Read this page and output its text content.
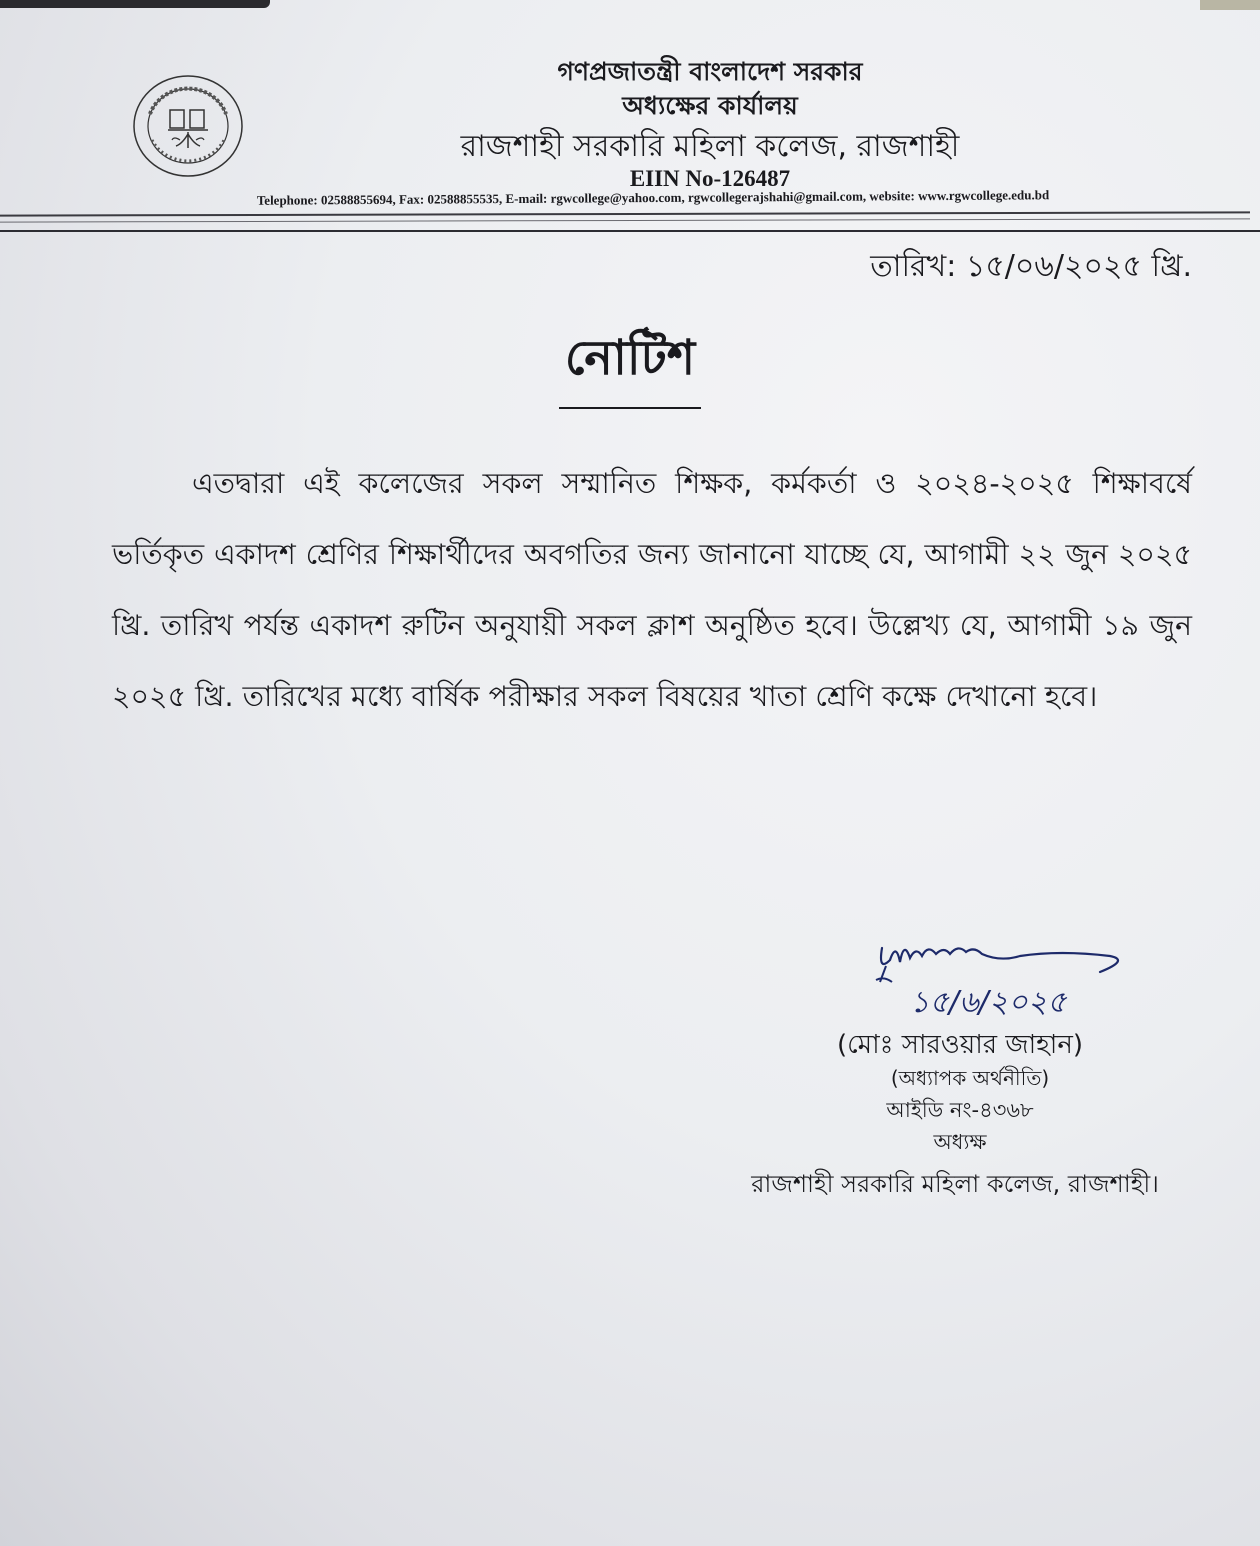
গণপ্রজাতন্ত্রী বাংলাদেশ সরকার
অধ্যক্ষের কার্যালয়
রাজশাহী সরকারি মহিলা কলেজ, রাজশাহী
EIIN No-126487
Telephone: 02588855694, Fax: 02588855535, E-mail: rgwcollege@yahoo.com, rgwcollegerajshahi@gmail.com, website: www.rgwcollege.edu.bd
তারিখ: ১৫/০৬/২০২৫ খ্রি.
নোটিশ
এতদ্বারা এই কলেজের সকল সম্মানিত শিক্ষক, কর্মকর্তা ও ২০২৪-২০২৫ শিক্ষাবর্ষে ভর্তিকৃত একাদশ শ্রেণির শিক্ষার্থীদের অবগতির জন্য জানানো যাচ্ছে যে, আগামী ২২ জুন ২০২৫ খ্রি. তারিখ পর্যন্ত একাদশ রুটিন অনুযায়ী সকল ক্লাশ অনুষ্ঠিত হবে। উল্লেখ্য যে, আগামী ১৯ জুন ২০২৫ খ্রি. তারিখের মধ্যে বার্ষিক পরীক্ষার সকল বিষয়ের খাতা শ্রেণি কক্ষে দেখানো হবে।
১৫/৬/২০২৫
(মোঃ সারওয়ার জাহান)
(অধ্যাপক অর্থনীতি)
আইডি নং-৪৩৬৮
অধ্যক্ষ
রাজশাহী সরকারি মহিলা কলেজ, রাজশাহী।
